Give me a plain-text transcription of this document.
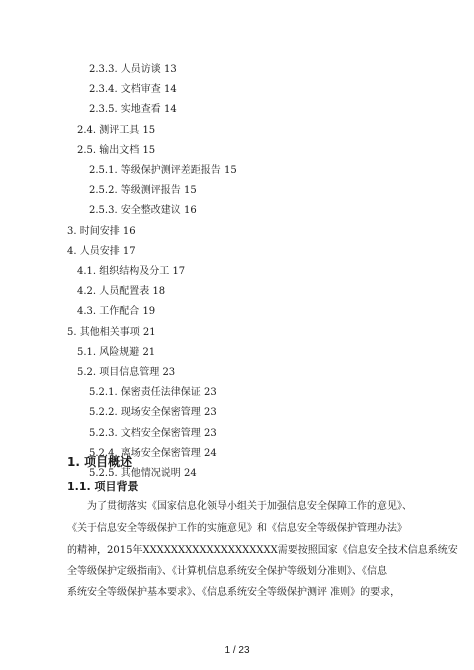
2.3.3. 人员访谈 13
2.3.4. 文档审查 14
2.3.5. 实地查看 14
2.4. 测评工具 15
2.5. 输出文档 15
2.5.1. 等级保护测评差距报告 15
2.5.2. 等级测评报告 15
2.5.3. 安全整改建议 16
3. 时间安排 16
4. 人员安排 17
4.1. 组织结构及分工 17
4.2. 人员配置表 18
4.3. 工作配合 19
5. 其他相关事项 21
5.1. 风险规避 21
5.2. 项目信息管理 23
5.2.1. 保密责任法律保证 23
5.2.2. 现场安全保密管理 23
5.2.3. 文档安全保密管理 23
5.2.4. 离场安全保密管理 24
5.2.5. 其他情况说明 24
1. 项目概述
1.1. 项目背景
为了贯彻落实《国家信息化领导小组关于加强信息安全保障工作的意见》、
《关于信息安全等级保护工作的实施意见》和《信息安全等级保护管理办法》
的精神，2015年XXXXXXXXXXXXXXXXXXX需要按照国家《信息安全技术信息系统安
全等级保护定级指南》、《计算机信息系统安全保护等级划分准则》、《信息
系统安全等级保护基本要求》、《信息系统安全等级保护测评 准则》的要求，
1 / 23
